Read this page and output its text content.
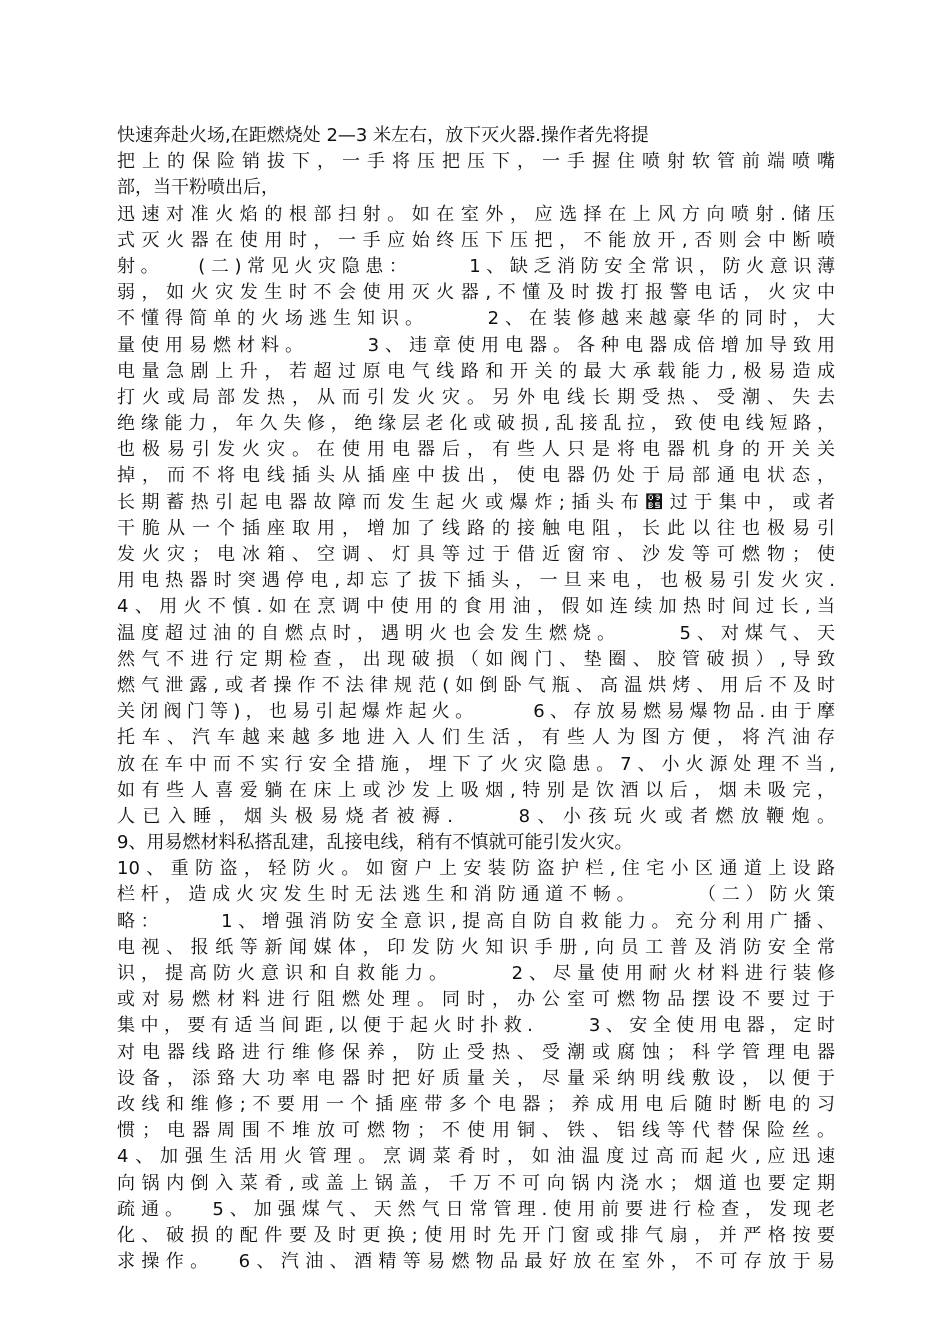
快速奔赴火场,在距燃烧处 2—3 米左右，放下灭火器.操作者先将提
把上的保险销拔下，一手将压把压下，一手握住喷射软管前端喷嘴
部，当干粉喷出后，
迅速对准火焰的根部扫射。如在室外，应选择在上风方向喷射.储压
式灭火器在使用时，一手应始终压下压把，不能放开,否则会中断喷
射。   (二)常见火灾隐患：     1、缺乏消防安全常识，防火意识薄
弱，如火灾发生时不会使用灭火器,不懂及时拨打报警电话，火灾中
不懂得简单的火场逃生知识。     2、在装修越来越豪华的同时，大
量使用易燃材料。     3、违章使用电器。各种电器成倍增加导致用
电量急剧上升，若超过原电气线路和开关的最大承载能力,极易造成
打火或局部发热，从而引发火灾。另外电线长期受热、受潮、失去
绝缘能力，年久失修，绝缘层老化或破损,乱接乱拉，致使电线短路，
也极易引发火灾。在使用电器后，有些人只是将电器机身的开关关
掉，而不将电线插头从插座中拔出，使电器仍处于局部通电状态，
长期蓄热引起电器故障而发生起火或爆炸;插头布঵过于集中，或者
干脆从一个插座取用，增加了线路的接触电阻，长此以往也极易引
发火灾；电冰箱、空调、灯具等过于借近窗帘、沙发等可燃物；使
用电热器时突遇停电,却忘了拔下插头，一旦来电，也极易引发火灾.
4、用火不慎.如在烹调中使用的食用油，假如连续加热时间过长,当
温度超过油的自燃点时，遇明火也会发生燃烧。     5、对煤气、天
然气不进行定期检查，出现破损（如阀门、垫圈、胶管破损）,导致
燃气泄露,或者操作不法律规范(如倒卧气瓶、高温烘烤、用后不及时
关闭阀门等)，也易引起爆炸起火。     6、存放易燃易爆物品.由于摩
托车、汽车越来越多地进入人们生活，有些人为图方便，将汽油存
放在车中而不实行安全措施，埋下了火灾隐患。7、小火源处理不当,
如有些人喜爱躺在床上或沙发上吸烟,特别是饮酒以后，烟未吸完，
人已入睡，烟头极易烧者被褥.     8、小孩玩火或者燃放鞭炮。
9、用易燃材料私搭乱建，乱接电线，稍有不慎就可能引发火灾。
10、重防盗，轻防火。如窗户上安装防盗护栏,住宅小区通道上设路
栏杆，造成火灾发生时无法逃生和消防通道不畅。     （二）防火策
略：     1、增强消防安全意识,提高自防自救能力。充分利用广播、
电视、报纸等新闻媒体，印发防火知识手册,向员工普及消防安全常
识，提高防火意识和自救能力。     2、尽量使用耐火材料进行装修
或对易燃材料进行阻燃处理。同时，办公室可燃物品摆设不要过于
集中，要有适当间距,以便于起火时扑救.     3、安全使用电器，定时
对电器线路进行维修保养，防止受热、受潮或腐蚀；科学管理电器
设备，添臵大功率电器时把好质量关，尽量采纳明线敷设，以便于
改线和维修;不要用一个插座带多个电器；养成用电后随时断电的习
惯；电器周围不堆放可燃物；不使用铜、铁、铝线等代替保险丝。
4、加强生活用火管理。烹调菜肴时，如油温度过高而起火,应迅速
向锅内倒入菜肴,或盖上锅盖，千万不可向锅内浇水；烟道也要定期
疏通。  5、加强煤气、天然气日常管理.使用前要进行检查，发现老
化、破损的配件要及时更换;使用时先开门窗或排气扇，并严格按要
求操作。  6、汽油、酒精等易燃物品最好放在室外，不可存放于易
